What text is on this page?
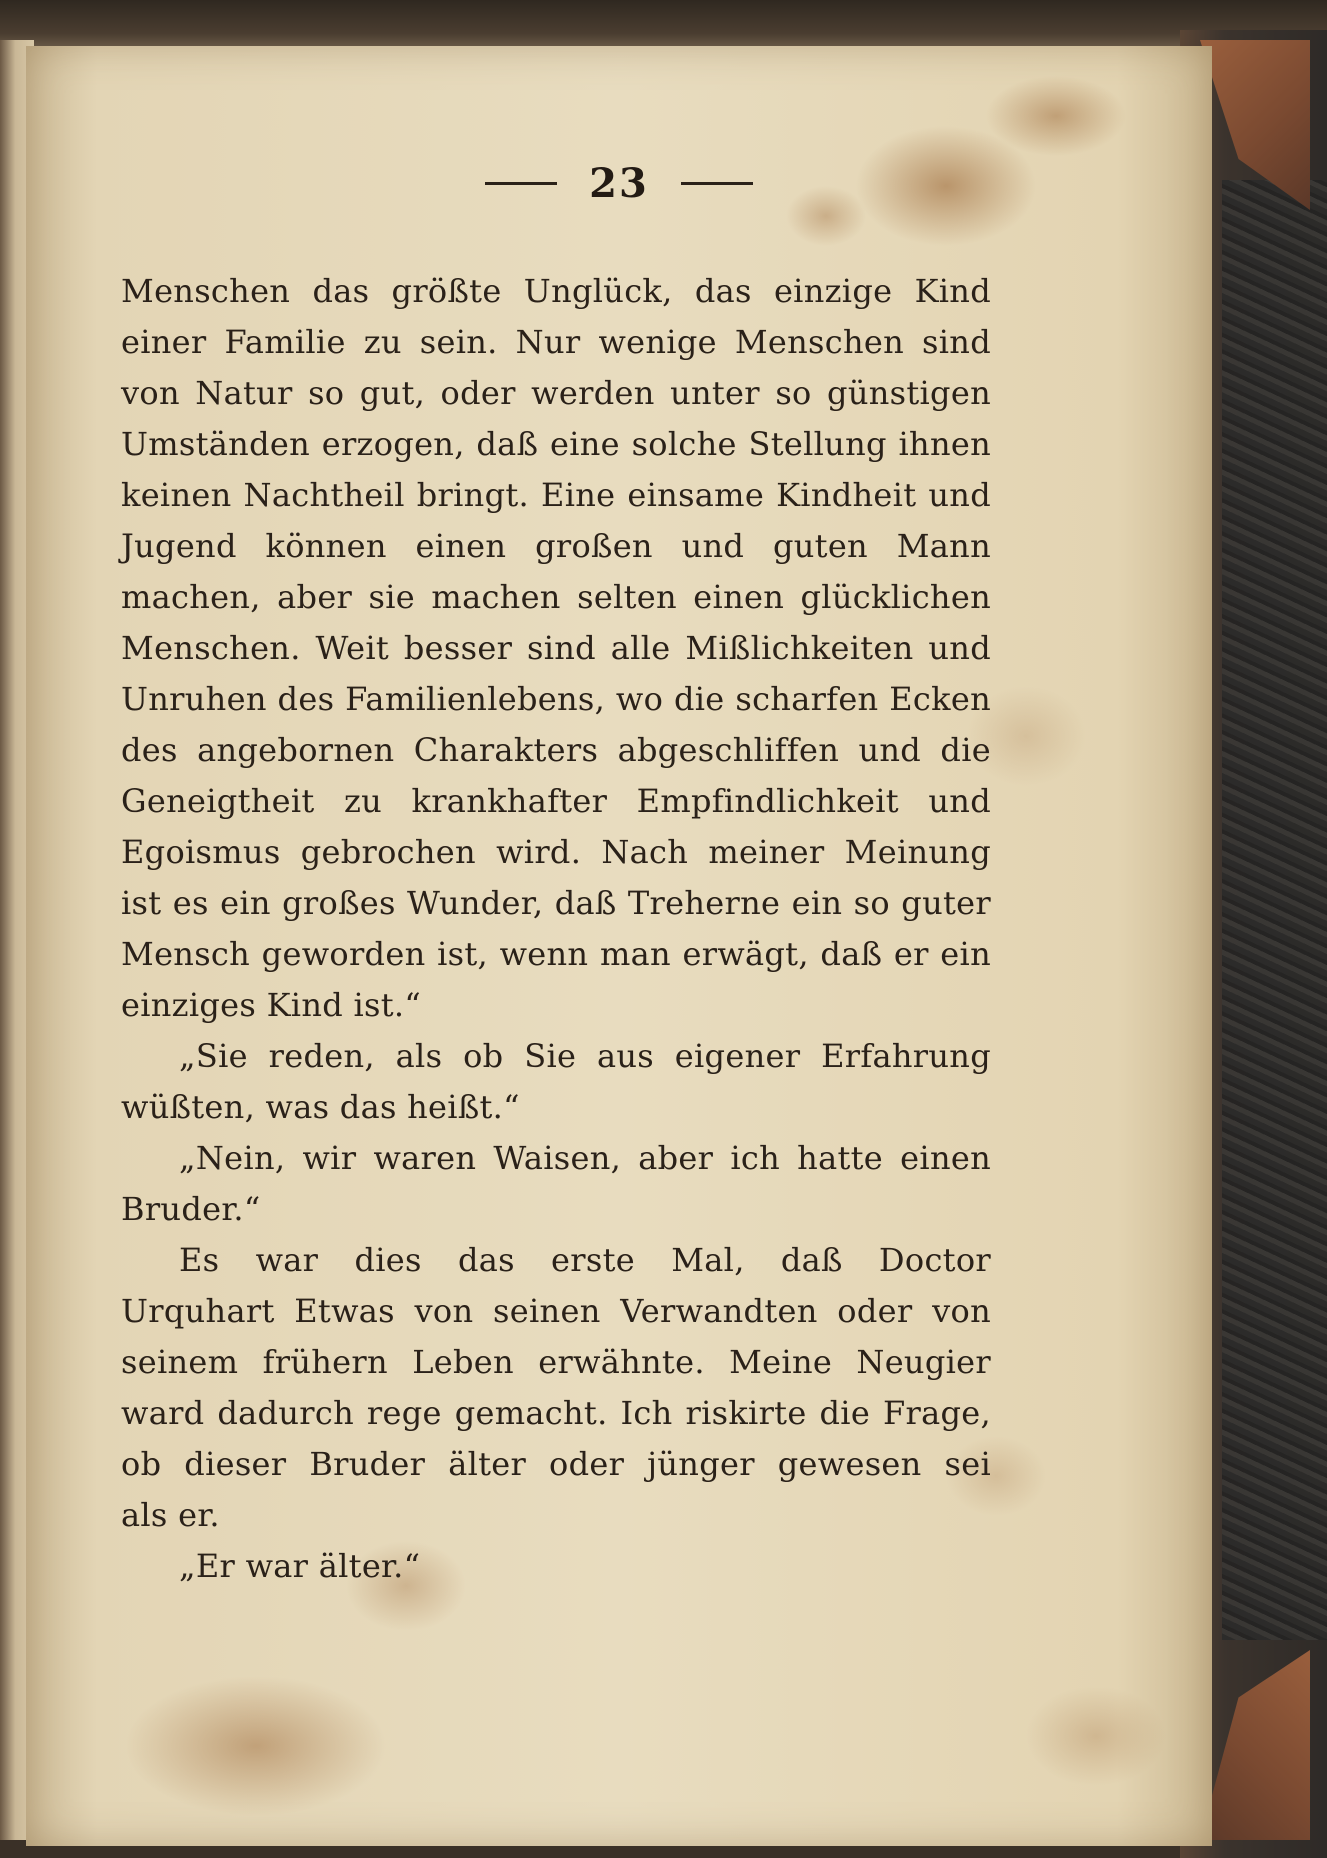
23
Menschen das größte Unglück, das einzige Kind
einer Familie zu sein. Nur wenige Menschen sind
von Natur so gut, oder werden unter so günstigen
Umständen erzogen, daß eine solche Stellung ihnen
keinen Nachtheil bringt. Eine einsame Kindheit und
Jugend können einen großen und guten Mann
machen, aber sie machen selten einen glücklichen
Menschen. Weit besser sind alle Mißlichkeiten und
Unruhen des Familienlebens, wo die scharfen Ecken
des angebornen Charakters abgeschliffen und die
Geneigtheit zu krankhafter Empfindlichkeit und
Egoismus gebrochen wird. Nach meiner Meinung
ist es ein großes Wunder, daß Treherne ein so guter
Mensch geworden ist, wenn man erwägt, daß er ein
einziges Kind ist.“
„Sie reden, als ob Sie aus eigener Erfahrung
wüßten, was das heißt.“
„Nein, wir waren Waisen, aber ich hatte einen
Bruder.“
Es war dies das erste Mal, daß Doctor
Urquhart Etwas von seinen Verwandten oder von
seinem frühern Leben erwähnte. Meine Neugier
ward dadurch rege gemacht. Ich riskirte die Frage,
ob dieser Bruder älter oder jünger gewesen sei
als er.
„Er war älter.“
